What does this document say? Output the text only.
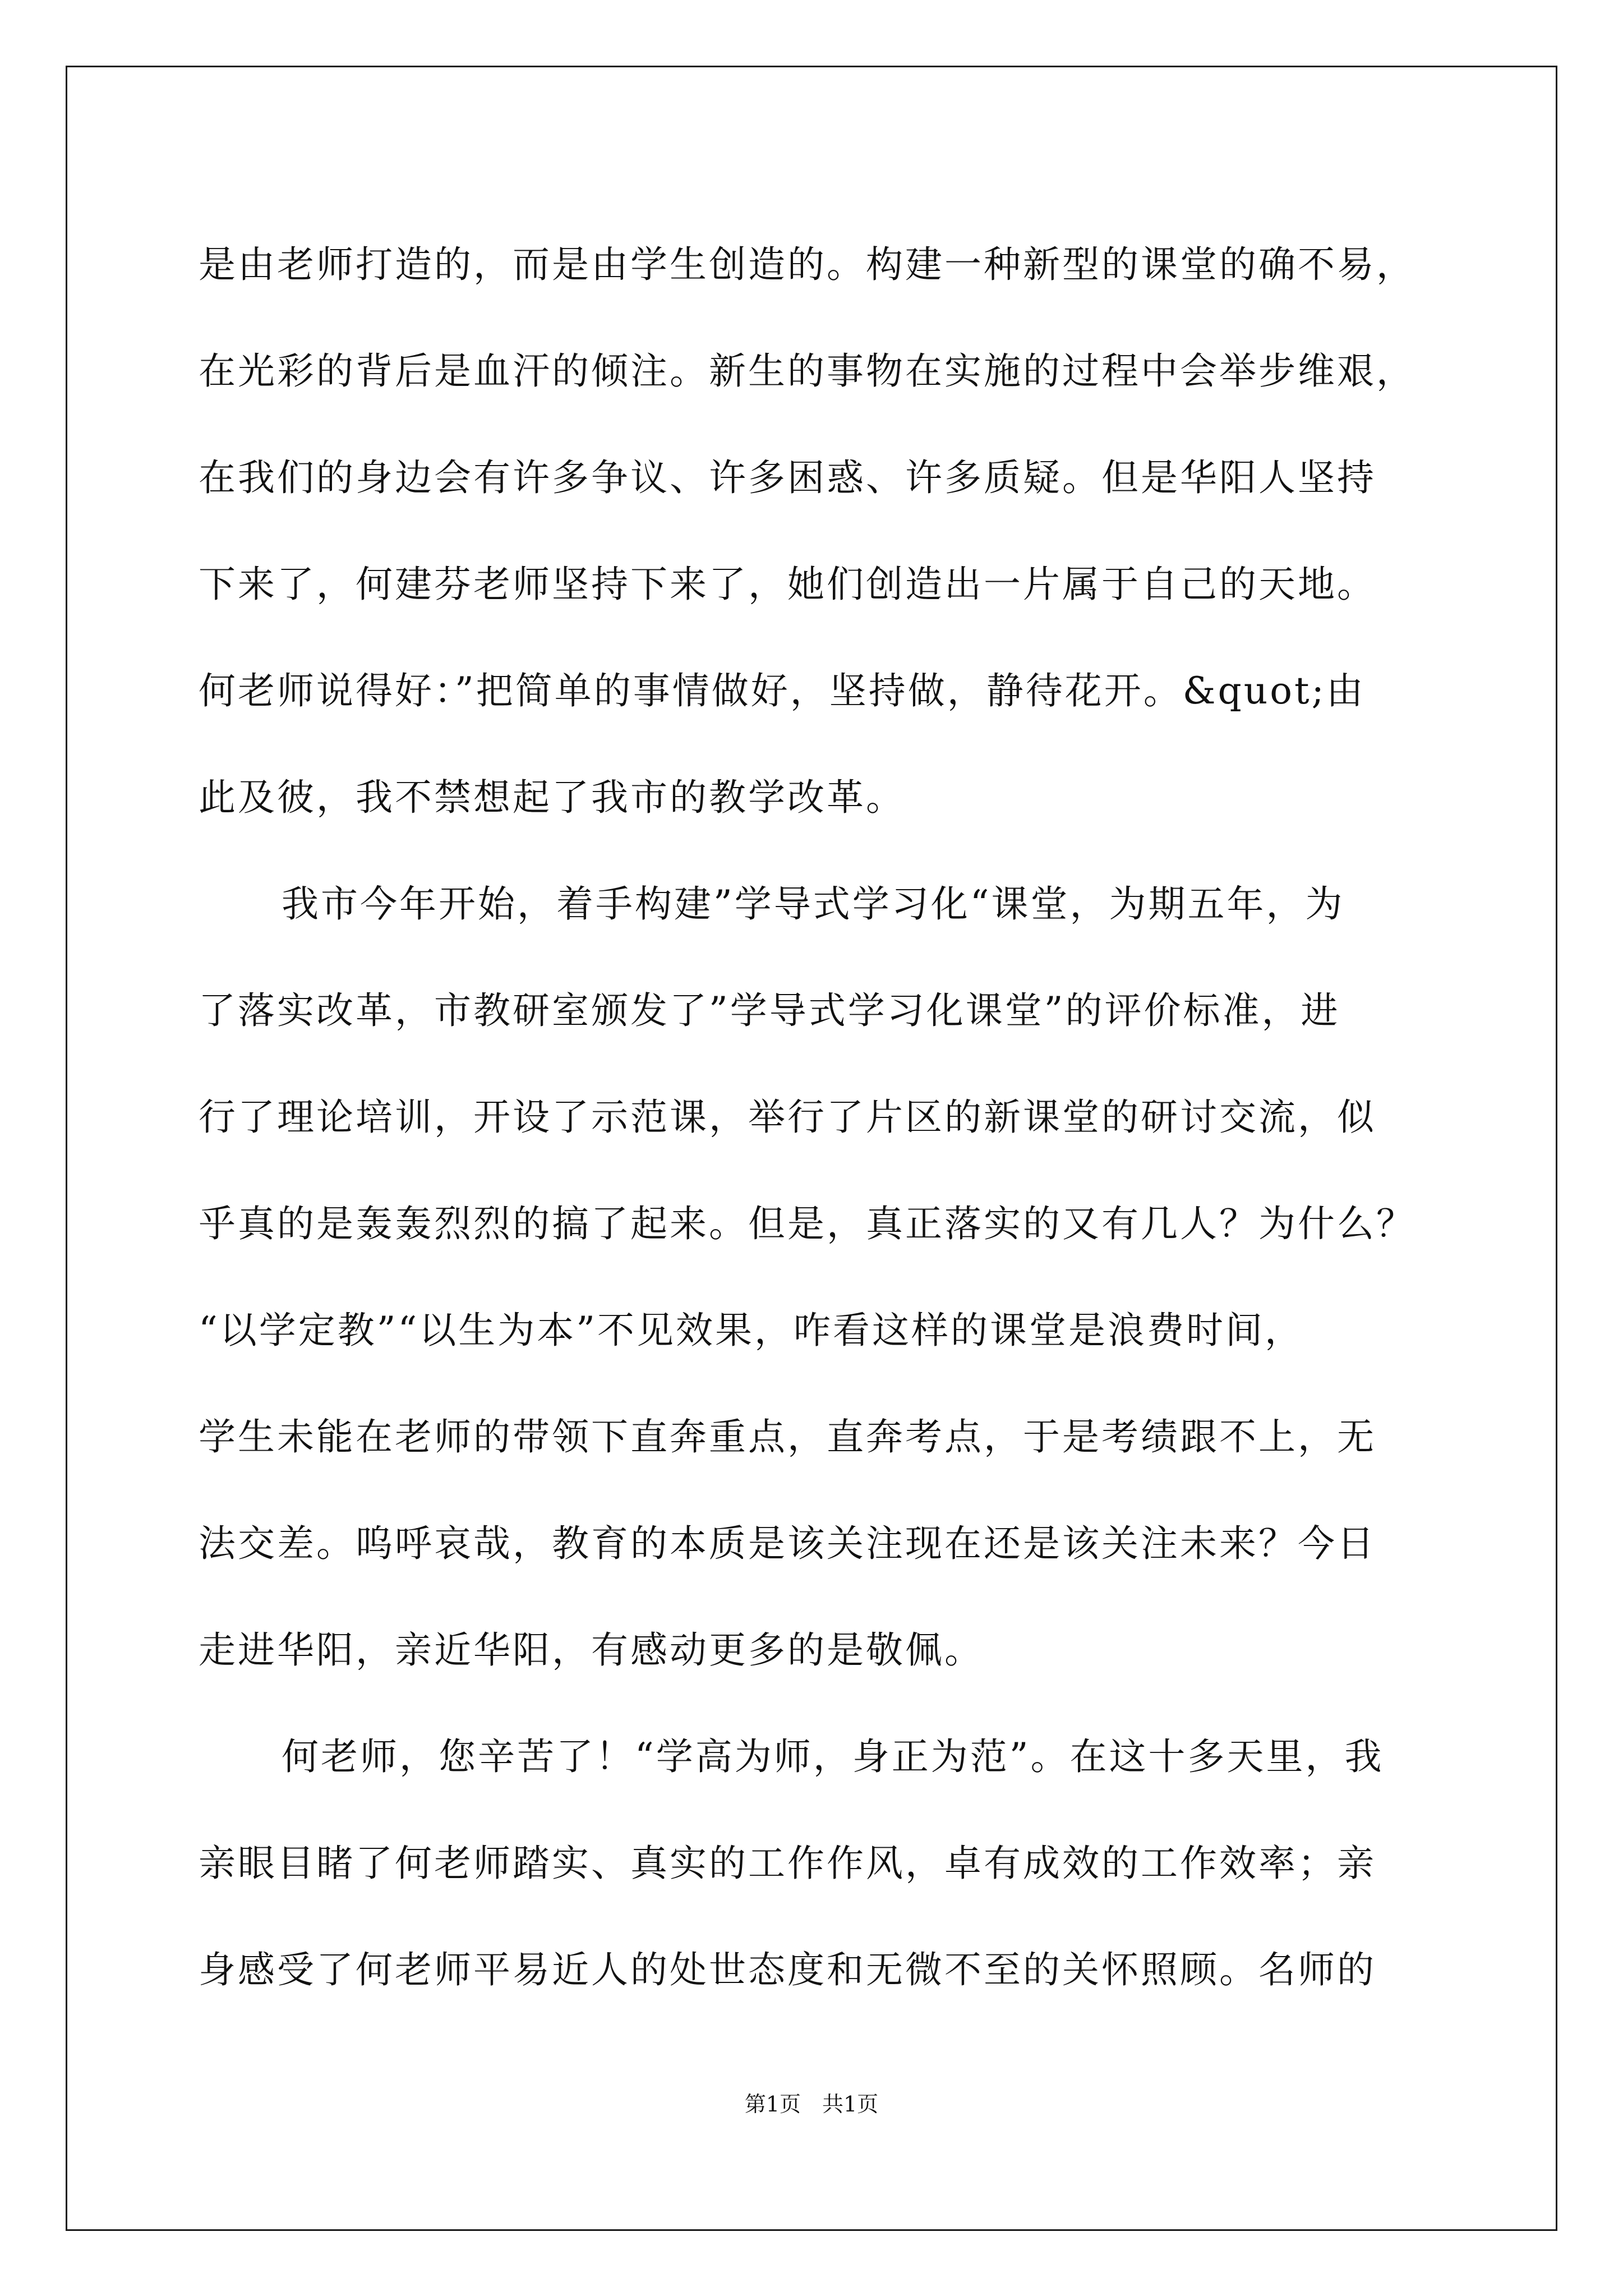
是由老师打造的，而是由学生创造的。构建一种新型的课堂的确不易，
在光彩的背后是血汗的倾注。新生的事物在实施的过程中会举步维艰，
在我们的身边会有许多争议、许多困惑、许多质疑。但是华阳人坚持
下来了，何建芬老师坚持下来了，她们创造出一片属于自己的天地。
何老师说得好：”把简单的事情做好，坚持做，静待花开。&quot;由
此及彼，我不禁想起了我市的教学改革。
我市今年开始，着手构建”学导式学习化“课堂，为期五年，为
了落实改革，市教研室颁发了”学导式学习化课堂”的评价标准，进
行了理论培训，开设了示范课，举行了片区的新课堂的研讨交流，似
乎真的是轰轰烈烈的搞了起来。但是，真正落实的又有几人？为什么？
“以学定教”“以生为本”不见效果，咋看这样的课堂是浪费时间，
学生未能在老师的带领下直奔重点，直奔考点，于是考绩跟不上，无
法交差。呜呼哀哉，教育的本质是该关注现在还是该关注未来？今日
走进华阳，亲近华阳，有感动更多的是敬佩。
何老师，您辛苦了！“学高为师，身正为范”。在这十多天里，我
亲眼目睹了何老师踏实、真实的工作作风，卓有成效的工作效率；亲
身感受了何老师平易近人的处世态度和无微不至的关怀照顾。名师的
第1页　共1页
